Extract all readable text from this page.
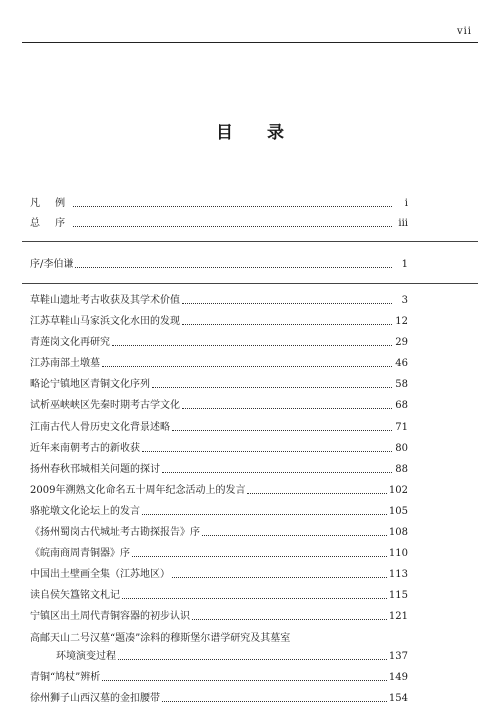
vii
目 录
凡 例	i
总 序	iii
序/李伯谦	1
草鞋山遗址考古收获及其学术价值	3
江苏草鞋山马家浜文化水田的发现	12
青莲岗文化再研究	29
江苏南部土墩墓	46
略论宁镇地区青铜文化序列	58
试析巫峡峡区先秦时期考古学文化	68
江南古代人骨历史文化背景述略	71
近年来南朝考古的新收获	80
扬州春秋邗城相关问题的探讨	88
2009年溯熟文化命名五十周年纪念活动上的发言	102
骆驼墩文化论坛上的发言	105
《扬州蜀岗古代城址考古勘探报告》序	108
《皖南商周青铜器》序	110
中国出土壁画全集（江苏地区）	113
读𠂤侯矢簋铭文札记	115
宁镇区出土周代青铜容器的初步认识	121
高邮天山二号汉墓“题凑”涂料的穆斯堡尔谱学研究及其墓室
环境演变过程	137
青铜“鸠杖”辨析	149
徐州狮子山西汉墓的金扣腰带	154
